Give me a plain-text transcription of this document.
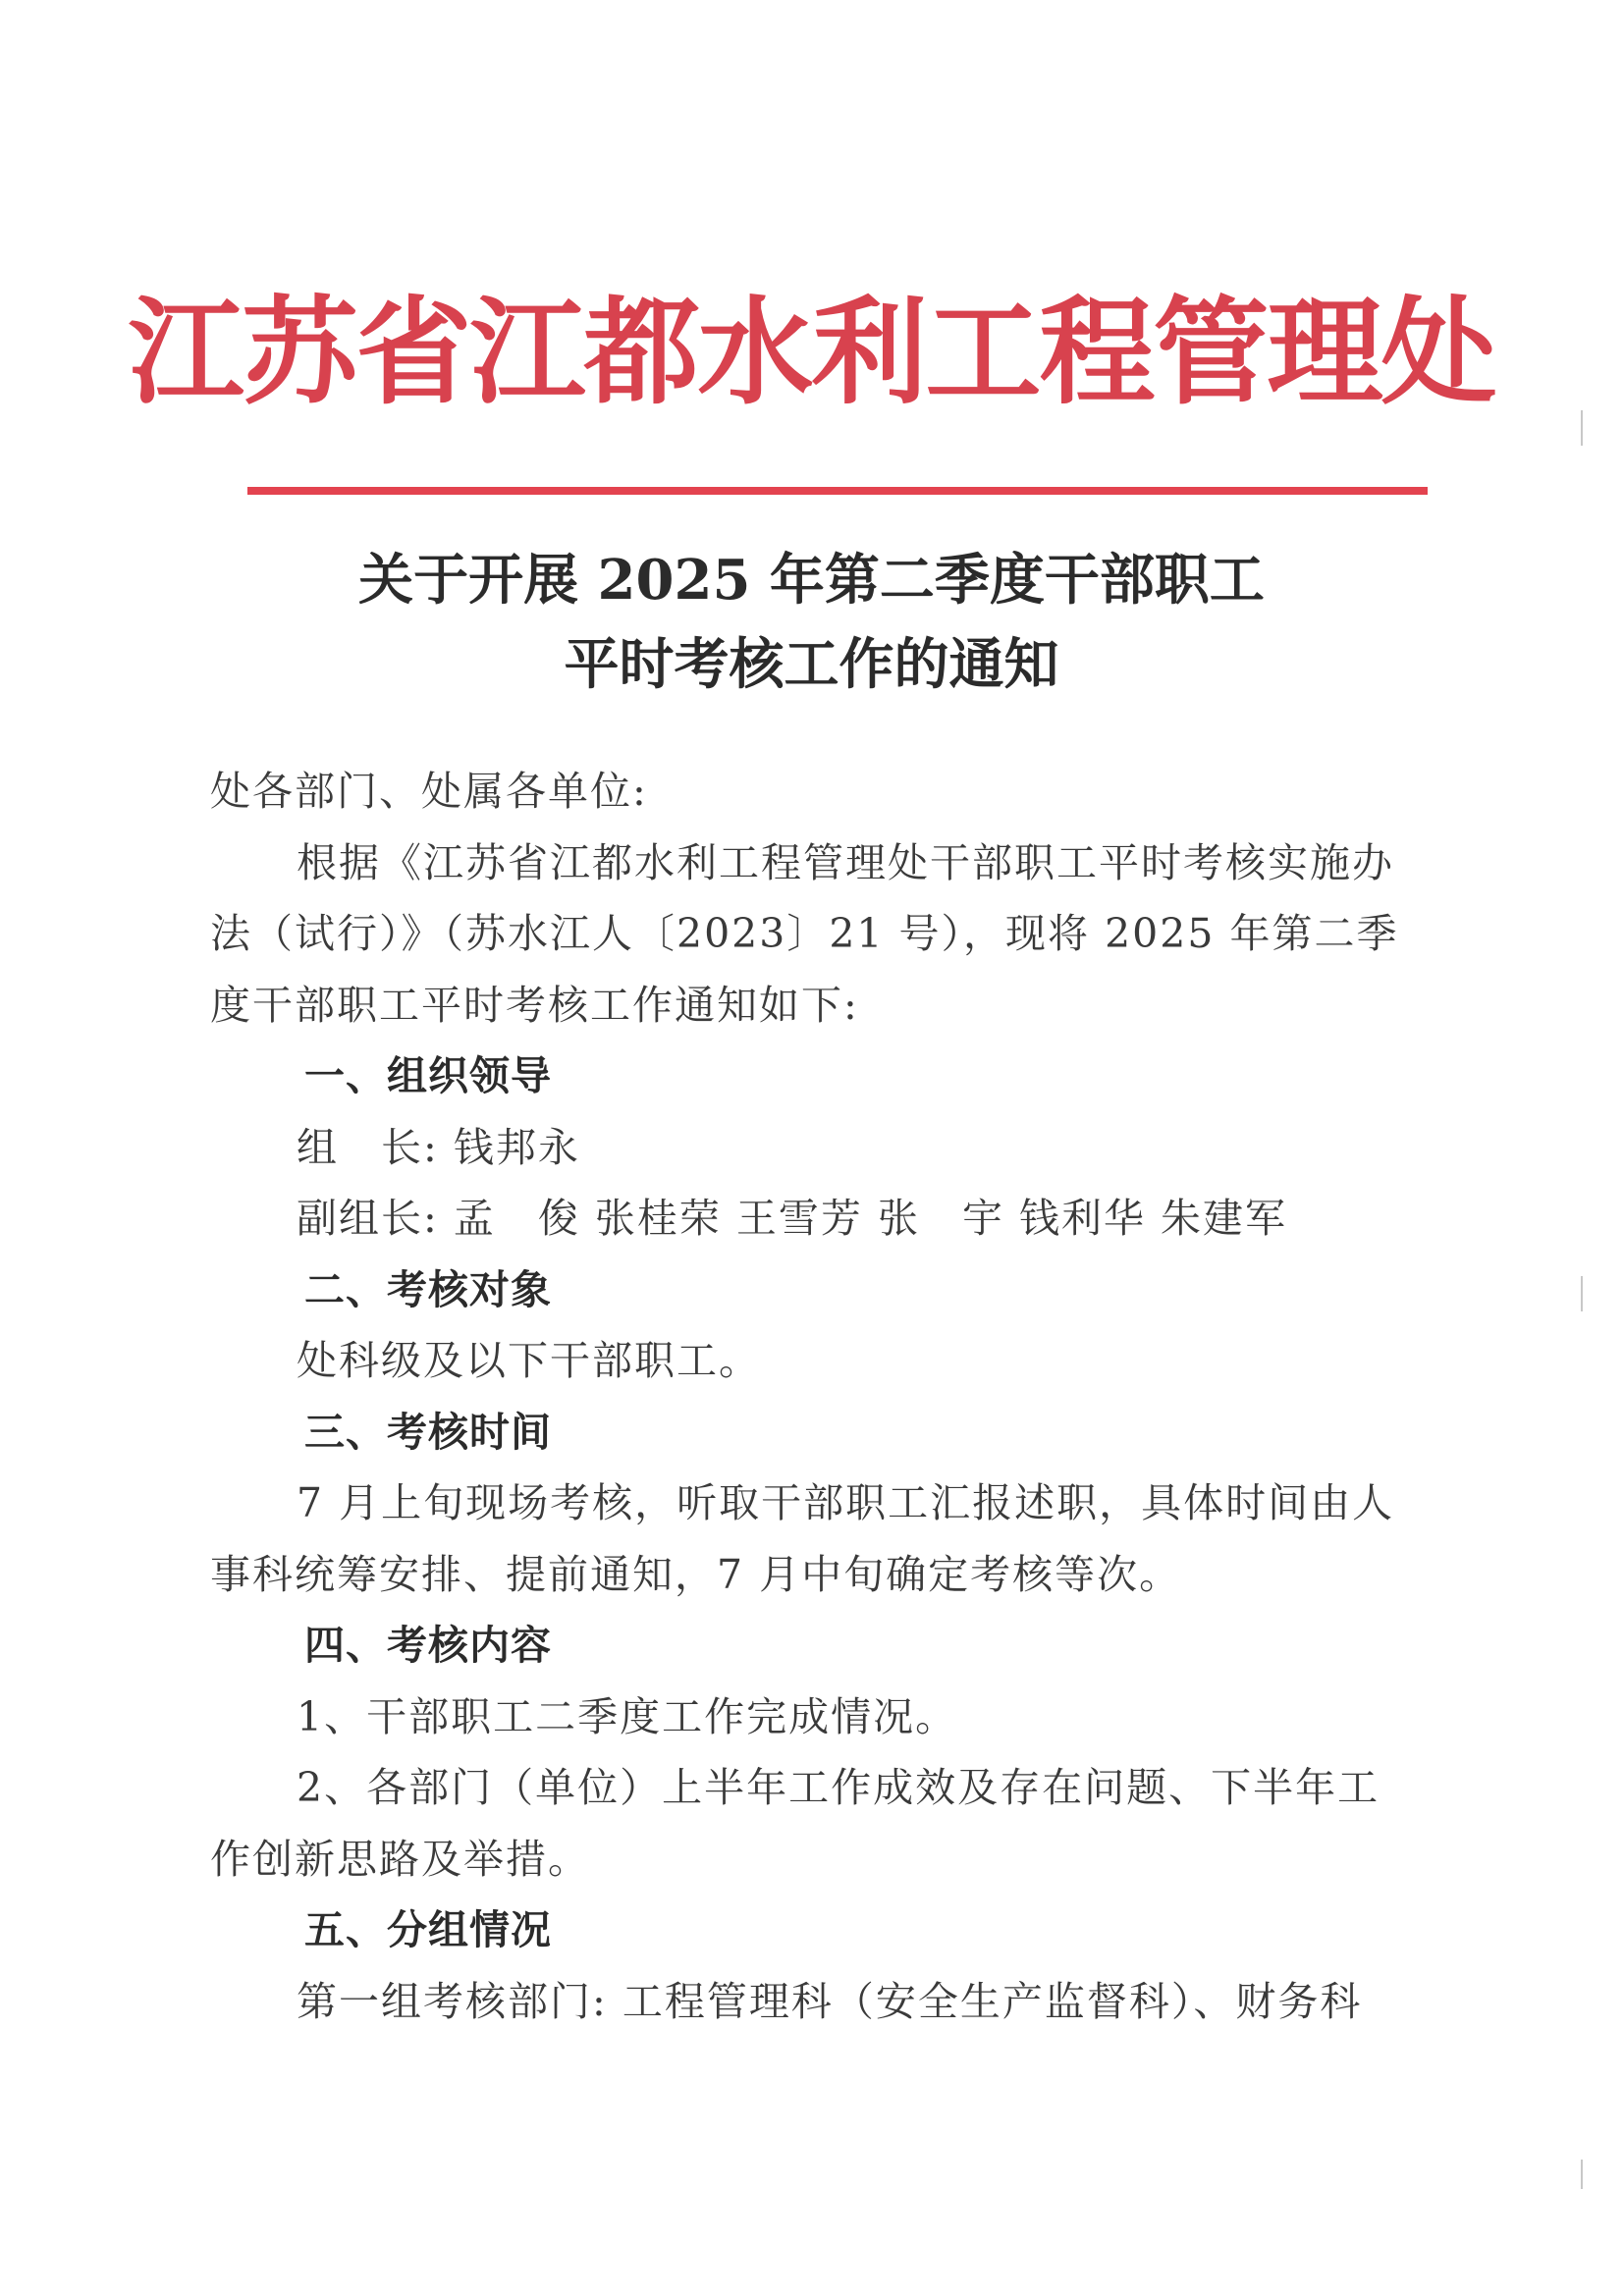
江苏省江都水利工程管理处
关于开展 2025 年第二季度干部职工
平时考核工作的通知
处各部门、处属各单位:
根据《江苏省江都水利工程管理处干部职工平时考核实施办
法（试行）》（苏水江人〔2023〕21 号），现将 2025 年第二季
度干部职工平时考核工作通知如下:
一、组织领导
组　长: 钱邦永
副组长: 孟　俊 张桂荣 王雪芳 张　宇 钱利华 朱建军
二、考核对象
处科级及以下干部职工。
三、考核时间
7 月上旬现场考核，听取干部职工汇报述职，具体时间由人
事科统筹安排、提前通知，7 月中旬确定考核等次。
四、考核内容
1、干部职工二季度工作完成情况。
2、各部门（单位）上半年工作成效及存在问题、下半年工
作创新思路及举措。
五、分组情况
第一组考核部门: 工程管理科（安全生产监督科）、财务科
